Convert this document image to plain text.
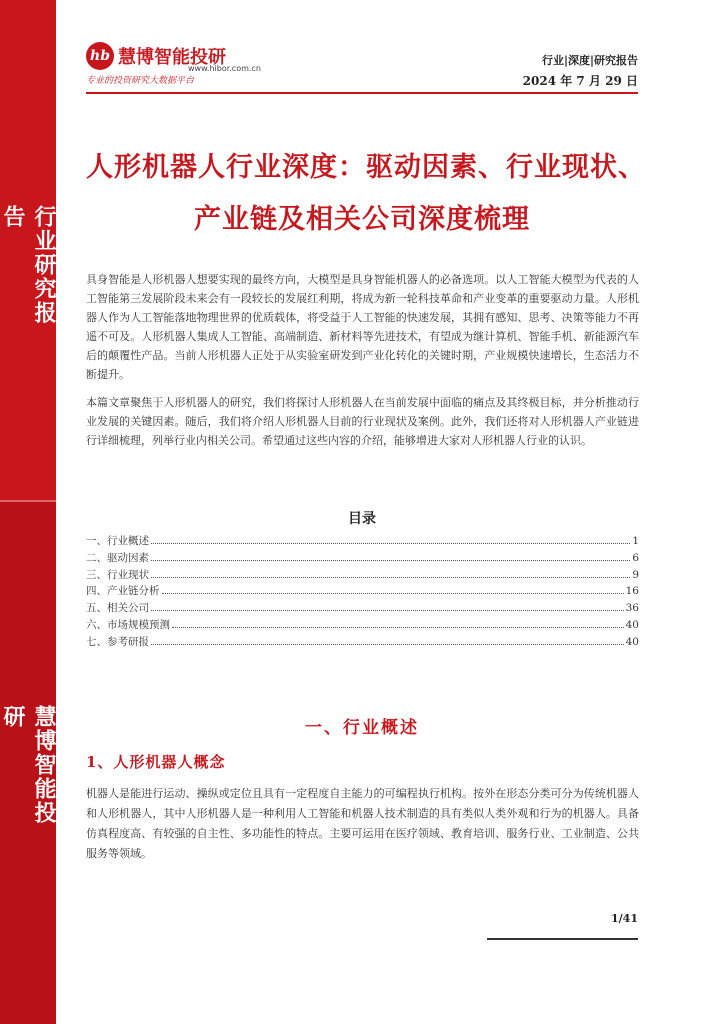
行业研究报告
慧博智能投研
hb 慧博智能投研
www.hibor.com.cn
专业的投资研究大数据平台
行业|深度|研究报告
2024 年 7 月 29 日
人形机器人行业深度：驱动因素、行业现状、
产业链及相关公司深度梳理

具身智能是人形机器人想要实现的最终方向，大模型是具身智能机器人的必备选项。以人工智能大模型为代表的人工智能第三发展阶段未来会有一段较长的发展红利期，将成为新一轮科技革命和产业变革的重要驱动力量。人形机器人作为人工智能落地物理世界的优质载体，将受益于人工智能的快速发展，其拥有感知、思考、决策等能力不再遥不可及。人形机器人集成人工智能、高端制造、新材料等先进技术，有望成为继计算机、智能手机、新能源汽车后的颠覆性产品。当前人形机器人正处于从实验室研发到产业化转化的关键时期，产业规模快速增长，生态活力不断提升。

本篇文章聚焦于人形机器人的研究，我们将探讨人形机器人在当前发展中面临的痛点及其终极目标，并分析推动行业发展的关键因素。随后，我们将介绍人形机器人目前的行业现状及案例。此外，我们还将对人形机器人产业链进行详细梳理，列举行业内相关公司。希望通过这些内容的介绍，能够增进大家对人形机器人行业的认识。

目录
一、行业概述	1
二、驱动因素	6
三、行业现状	9
四、产业链分析	16
五、相关公司	36
六、市场规模预测	40
七、参考研报	40
一、行业概述
1、人形机器人概念

机器人是能进行运动、操纵或定位且具有一定程度自主能力的可编程执行机构。按外在形态分类可分为传统机器人和人形机器人，其中人形机器人是一种利用人工智能和机器人技术制造的具有类似人类外观和行为的机器人。具备仿真程度高、有较强的自主性、多功能性的特点。主要可运用在医疗领域、教育培训、服务行业、工业制造、公共服务等领域。

1/41
